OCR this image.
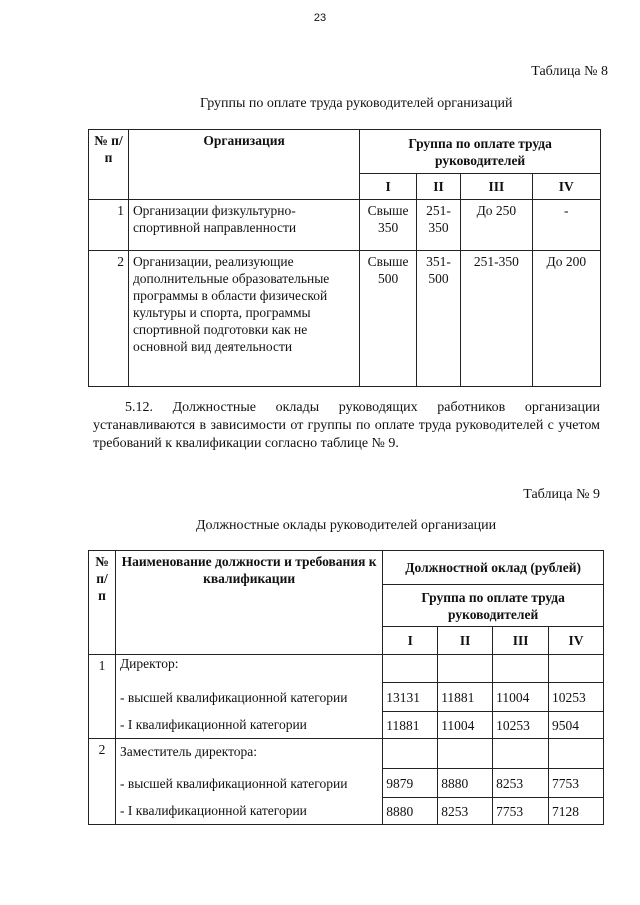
23
Таблица № 8
Группы по оплате труда руководителей организаций
№ п/п	Организация	Группа по оплате труда руководителей			
		I	II	III	IV
1	Организации физкультурно-спортивной направленности	Свыше 350	251-350	До 250	-
2	Организации, реализующие дополнительные образовательные программы в области физической культуры и спорта, программы спортивной подготовки как не основной вид деятельности	Свыше 500	351-500	251-350	До 200
5.12. Должностные оклады руководящих работников организации устанавливаются в зависимости от группы по оплате труда руководителей с учетом требований к квалификации согласно таблице № 9.
Таблица № 9
Должностные оклады руководителей организации
№ п/п	Наименование должности и требования к квалификации	Должностной оклад (рублей)			
		Группа по оплате труда руководителей			
		I	II	III	IV
1	Директор:				
	- высшей квалификационной категории	13131	11881	11004	10253
	- I квалификационной категории	11881	11004	10253	9504
2	Заместитель директора:				
	- высшей квалификационной категории	9879	8880	8253	7753
	- I квалификационной категории	8880	8253	7753	7128
